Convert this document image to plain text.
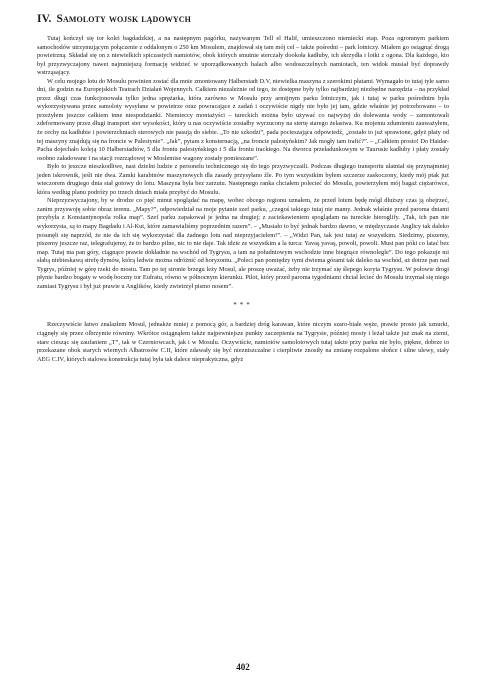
IV. Samoloty wojsk lądowych

Tutaj kończył się tor kolei bagdadzkiej, a na następnym pagórku, nazywanym Tell el Halif, umieszczono niemiecki etap. Poza ogromnym parkiem samochodów utrzymującym połączenie z oddalonym o 250 km Mosulem, znajdował się tam mój cel – także pośredni – park lotniczy. Miałem go osiągnąć drogą powietrzną. Składał się on z niewielkich spiczastych namiotów, obok których smutnie sterczały dookoła kadłuby, ich skrzydła i lotki z ogona. Dla każdego, kto był przyzwyczajony nawet najmniejszą formację widzieć w uporządkowanych halach albo wodoszczelnych namiotach, ten widok musiał być doprawdy wstrząsający.

W celu mojego lotu do Mosulu powinien zostać dla mnie zmontowany Halberstadt D.V, niewielka maszyna z szerokimi płatami. Wymagało to tutaj tyle samo dni, ile godzin na Europejskich Teatrach Działań Wojennych. Całkiem niezależnie od tego, że dostępne były tylko najbardziej niezbędne narzędzia – na przykład przez długi czas funkcjonowała tylko jedna sprężarka, która zarówno w Mosulu przy armijnym parku lotniczym, jak i tutaj w parku pośrednim była wykorzystywana przez samoloty wysyłane w powietrze oraz powracające z zadań i oczywiście nigdy nie było jej tam, gdzie właśnie jej potrzebowano – to przeżyłem jeszcze całkiem inne niespodzianki. Niemieccy montażyści – tureckich można było używać co najwyżej do dolewania wody – zamontowali zdeformowany przez długi transport ster wysokości, który u nas oczywiście zostałby wyrzucony na stertę starego żelastwa. Ku mojemu zdumieniu zauważyłem, że cechy na kadłubie i powierzchniach sterowych nie pasują do siebie. „To nie szkodzi”, pada pocieszająca odpowiedź, „zostało to już sprawione, gdyż płaty od tej maszyny znajdują się na froncie w Palestynie”. „Jak”, pytam z konsternacją, „na froncie palestyńskim? Jak mogły tam trafić?”. – „Całkiem prosto! Do Haidar-Pacha dojechało koleją 10 Halberstadtów, 5 dla frontu palestyńskiego i 5 dla frontu irackiego. Na dworcu przeładunkowym w Taurusie kadłuby i płaty zostały osobno załadowane i na stacji rozrządowej w Moslemise wagony zostały pomieszane”.

Było to jeszcze nieszkodliwe, nasi dzielni ludzie z personelu technicznego się do tego przyzwyczaili. Podczas długiego transportu ulatniał się przynajmniej jeden iskrownik, jeśli nie dwa. Zamki karabinów maszynowych dla zasady przysyłano źle. Po tym wszystkim byłem szczerze zaskoczony, kiedy mój ptak już wieczorem drugiego dnia stał gotowy do lotu. Maszyna była bez zarzutu. Następnego ranka chciałem polecieć do Mosulu, powierzyłem mój bagaż ciężarówce, która według planu podróży po trzech dniach miała przybyć do Mosulu.

Nieprzyzwyczajony, by w drodze co pięć minut spoglądać na mapę, wobec obcego regionu uznałem, że przed lotem będę mógł dłuższy czas ją obejrzeć, zanim przyswoję sobie obraz terenu. „Mapy?”, odpowiedział na moje pytanie szef parku, „czegoś takiego tutaj nie mamy. Jednak właśnie przed paroma dniami przybyła z Konstantynopola rolka map”. Szef parku zapakował je jedna na drugiej; z zaciekawieniem spoglądam na tureckie hieroglify. „Tak, ich pan nie wykorzysta, są to mapy Bagdadu i Al-Kut, które zamawialiśmy poprzednim razem”. – „Musiało to być jednak bardzo dawno, w międzyczasie Anglicy tak daleko posunęli się naprzód, że nie da ich się wykorzystać dla żadnego lotu nad nieprzyjacielem!”. – „Widzi Pan, tak jest tutaj ze wszystkim. Siedzimy, piszemy, piszemy jeszcze raz, telegrafujemy, że to bardzo pilne, nic to nie daje. Tak idzie ze wszystkim a la turca: Yavaş yavaş, powoli, powoli. Musi pan póki co latać bez map. Tutaj ma pan góry, ciągnące prawie dokładnie na wschód od Tygrysu, a tam na południowym wschodzie inne biegnące równolegle”. Do tego pokazuje mi słabą niebieskawą strefę dymów, którą ledwie można odróżnić od horyzontu. „Poleci pan pomiędzy tymi dwiema górami tak daleko na wschód, aż dotrze pan nad Tygrys, później w górę rzeki do mostu. Tam po tej stronie brzegu leży Mosul, ale proszę uważać, żeby nie trzymać się ślepego koryta Tygrysu. W połowie drogi płynie bardzo bogaty w wodę boczny tor Eufratu, równo w północnym kierunku. Pilot, który przed paroma tygodniami chciał lecieć do Mosulu trzymał się niego zamiast Tygrysu i był już prawie u Anglików, kiedy zwietrzył pismo nosem”.

***

Rzeczywiście łatwo znalazłem Mosul, jednakże mniej z pomocą gór, a bardziej dróg karawan, które niczym szaro-białe węże, prawie prosto jak sznurki, ciągnęły się przez olbrzymie równiny. Wkrótce osiągnąłem także najpewniejsze punkty zaczepienia na Tygrysie, później mosty i leżał także już znak na ziemi, stare ciesząc się zaufaniem „T”, tak w Czerniowcach, jak i w Mosulu. Oczywiście, namiotów samolotowych tutaj także przy parku nie było, piękne, dobrze to przekazane obok starych wiernych Albatrosów C.II, które zdawały się być niezniszczalne i cierpliwie znosiły na zmianę rozpalone słońce i silne ulewy, stały AEG C.IV, których stalowa konstrukcja tutaj była tak dalece nieprakytczna, gdyż

402
